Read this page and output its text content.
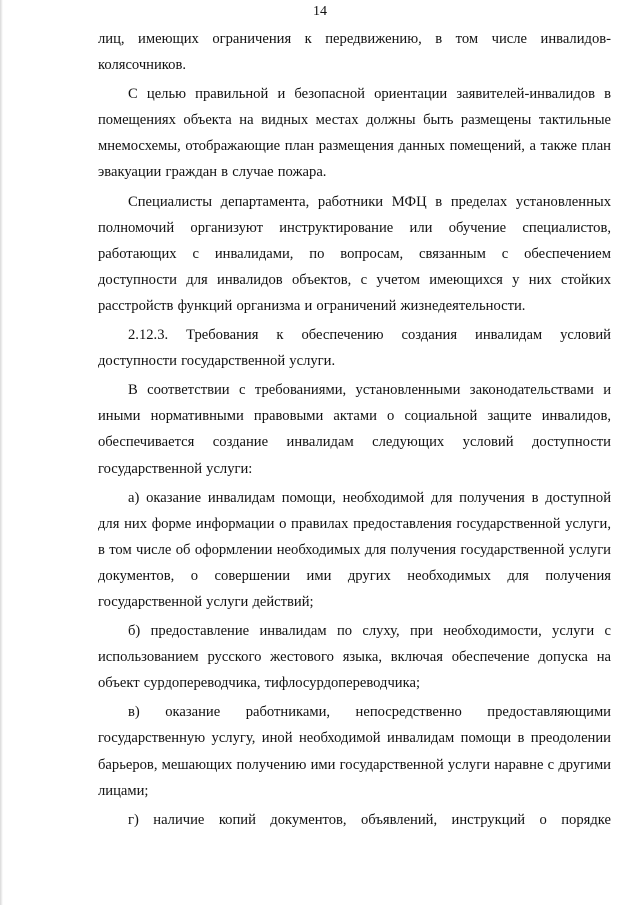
14

лиц, имеющих ограничения к передвижению, в том числе инвалидов-колясочников.

С целью правильной и безопасной ориентации заявителей-инвалидов в помещениях объекта на видных местах должны быть размещены тактильные мнемосхемы, отображающие план размещения данных помещений, а также план эвакуации граждан в случае пожара.

Специалисты департамента, работники МФЦ в пределах установленных полномочий организуют инструктирование или обучение специалистов, работающих с инвалидами, по вопросам, связанным с обеспечением доступности для инвалидов объектов, с учетом имеющихся у них стойких расстройств функций организма и ограничений жизнедеятельности.

2.12.3. Требования к обеспечению создания инвалидам условий доступности государственной услуги.

В соответствии с требованиями, установленными законодательствами и иными нормативными правовыми актами о социальной защите инвалидов, обеспечивается создание инвалидам следующих условий доступности государственной услуги:

а) оказание инвалидам помощи, необходимой для получения в доступной для них форме информации о правилах предоставления государственной услуги, в том числе об оформлении необходимых для получения государственной услуги документов, о совершении ими других необходимых для получения государственной услуги действий;

б) предоставление инвалидам по слуху, при необходимости, услуги с использованием русского жестового языка, включая обеспечение допуска на объект сурдопереводчика, тифлосурдопереводчика;

в) оказание работниками, непосредственно предоставляющими государственную услугу, иной необходимой инвалидам помощи в преодолении барьеров, мешающих получению ими государственной услуги наравне с другими лицами;

г) наличие копий документов, объявлений, инструкций о порядке
